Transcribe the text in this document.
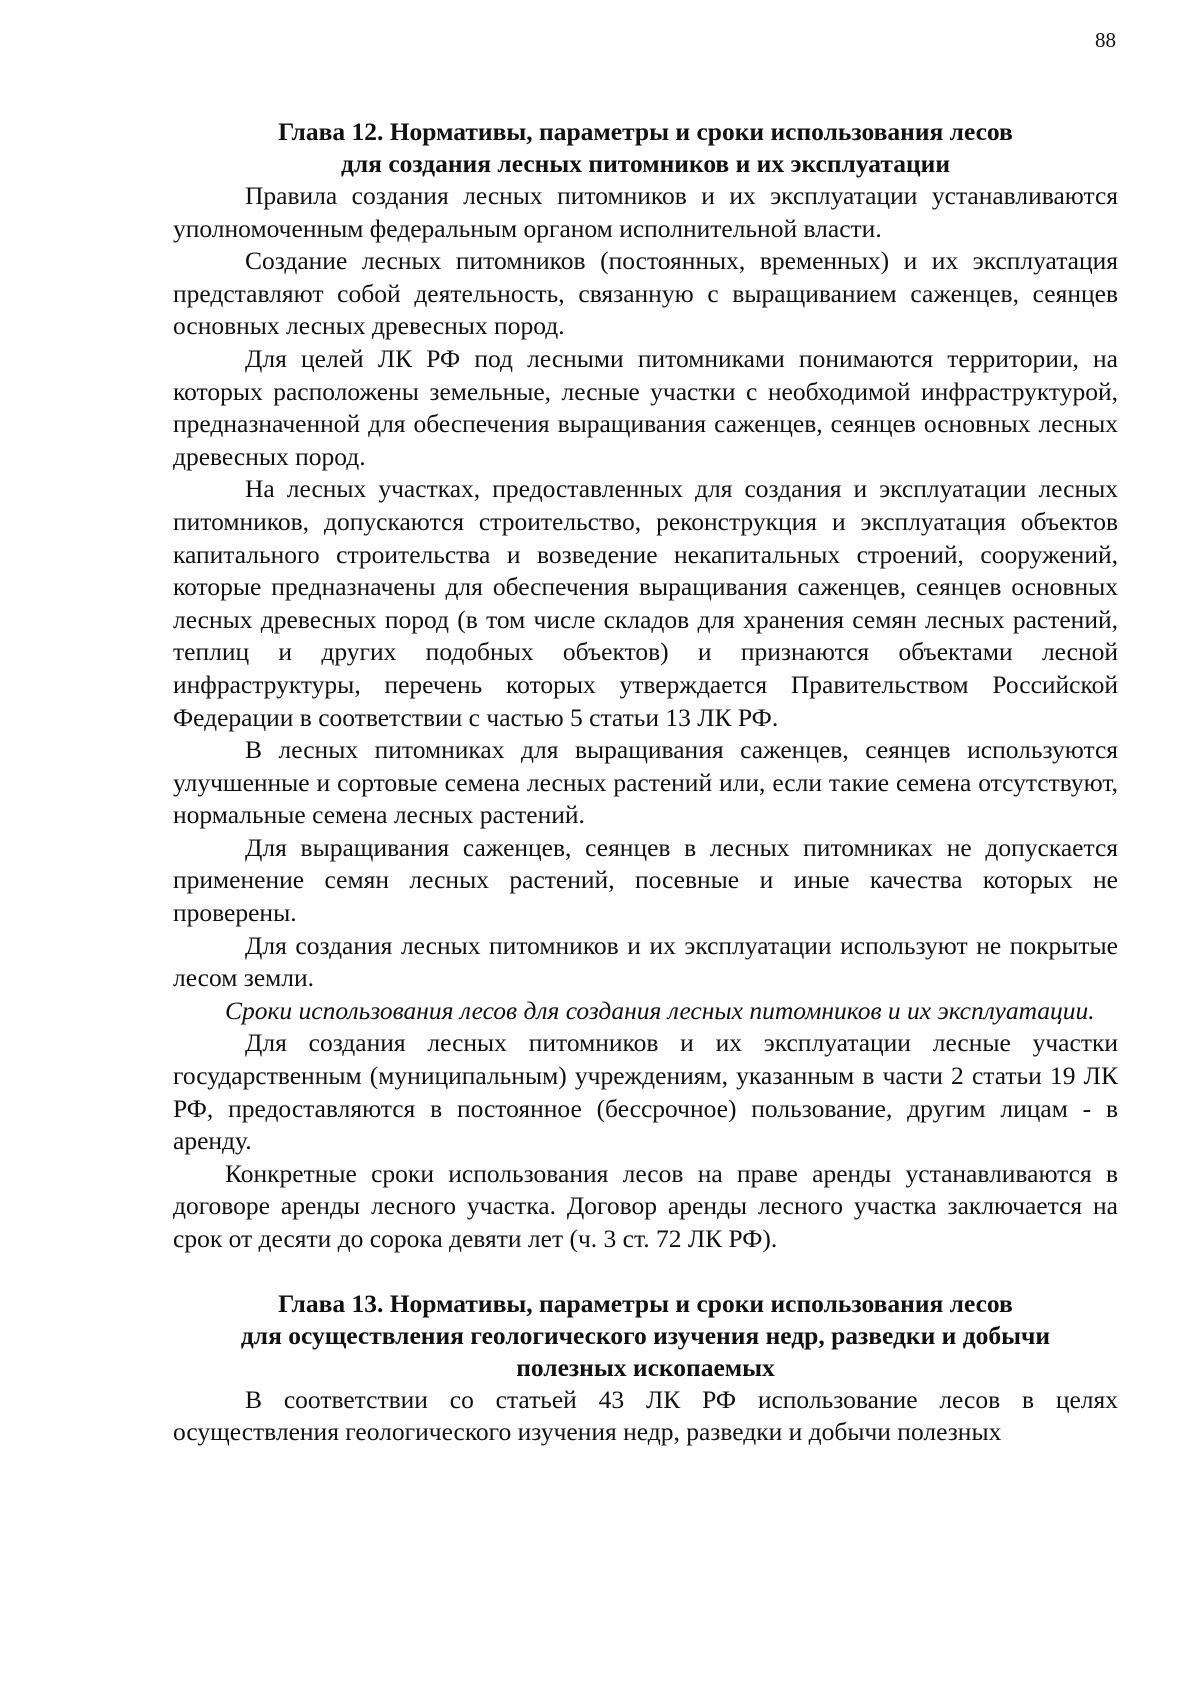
88
Глава 12. Нормативы, параметры и сроки использования лесов
для создания лесных питомников и их эксплуатации

Правила создания лесных питомников и их эксплуатации устанавливаются уполномоченным федеральным органом исполнительной власти.

Создание лесных питомников (постоянных, временных) и их эксплуатация представляют собой деятельность, связанную с выращиванием саженцев, сеянцев основных лесных древесных пород.

Для целей ЛК РФ под лесными питомниками понимаются территории, на которых расположены земельные, лесные участки с необходимой инфраструктурой, предназначенной для обеспечения выращивания саженцев, сеянцев основных лесных древесных пород.

На лесных участках, предоставленных для создания и эксплуатации лесных питомников, допускаются строительство, реконструкция и эксплуатация объектов капитального строительства и возведение некапитальных строений, сооружений, которые предназначены для обеспечения выращивания саженцев, сеянцев основных лесных древесных пород (в том числе складов для хранения семян лесных растений, теплиц и других подобных объектов) и признаются объектами лесной инфраструктуры, перечень которых утверждается Правительством Российской Федерации в соответствии с частью 5 статьи 13 ЛК РФ.

В лесных питомниках для выращивания саженцев, сеянцев используются улучшенные и сортовые семена лесных растений или, если такие семена отсутствуют, нормальные семена лесных растений.

Для выращивания саженцев, сеянцев в лесных питомниках не допускается применение семян лесных растений, посевные и иные качества которых не проверены.

Для создания лесных питомников и их эксплуатации используют не покрытые лесом земли.

Сроки использования лесов для создания лесных питомников и их эксплуатации.

Для создания лесных питомников и их эксплуатации лесные участки государственным (муниципальным) учреждениям, указанным в части 2 статьи 19 ЛК РФ, предоставляются в постоянное (бессрочное) пользование, другим лицам - в аренду.

Конкретные сроки использования лесов на праве аренды устанавливаются в договоре аренды лесного участка. Договор аренды лесного участка заключается на срок от десяти до сорока девяти лет (ч. 3 ст. 72 ЛК РФ).

Глава 13. Нормативы, параметры и сроки использования лесов
для осуществления геологического изучения недр, разведки и добычи
полезных ископаемых

В соответствии со статьей 43 ЛК РФ использование лесов в целях осуществления геологического изучения недр, разведки и добычи полезных
